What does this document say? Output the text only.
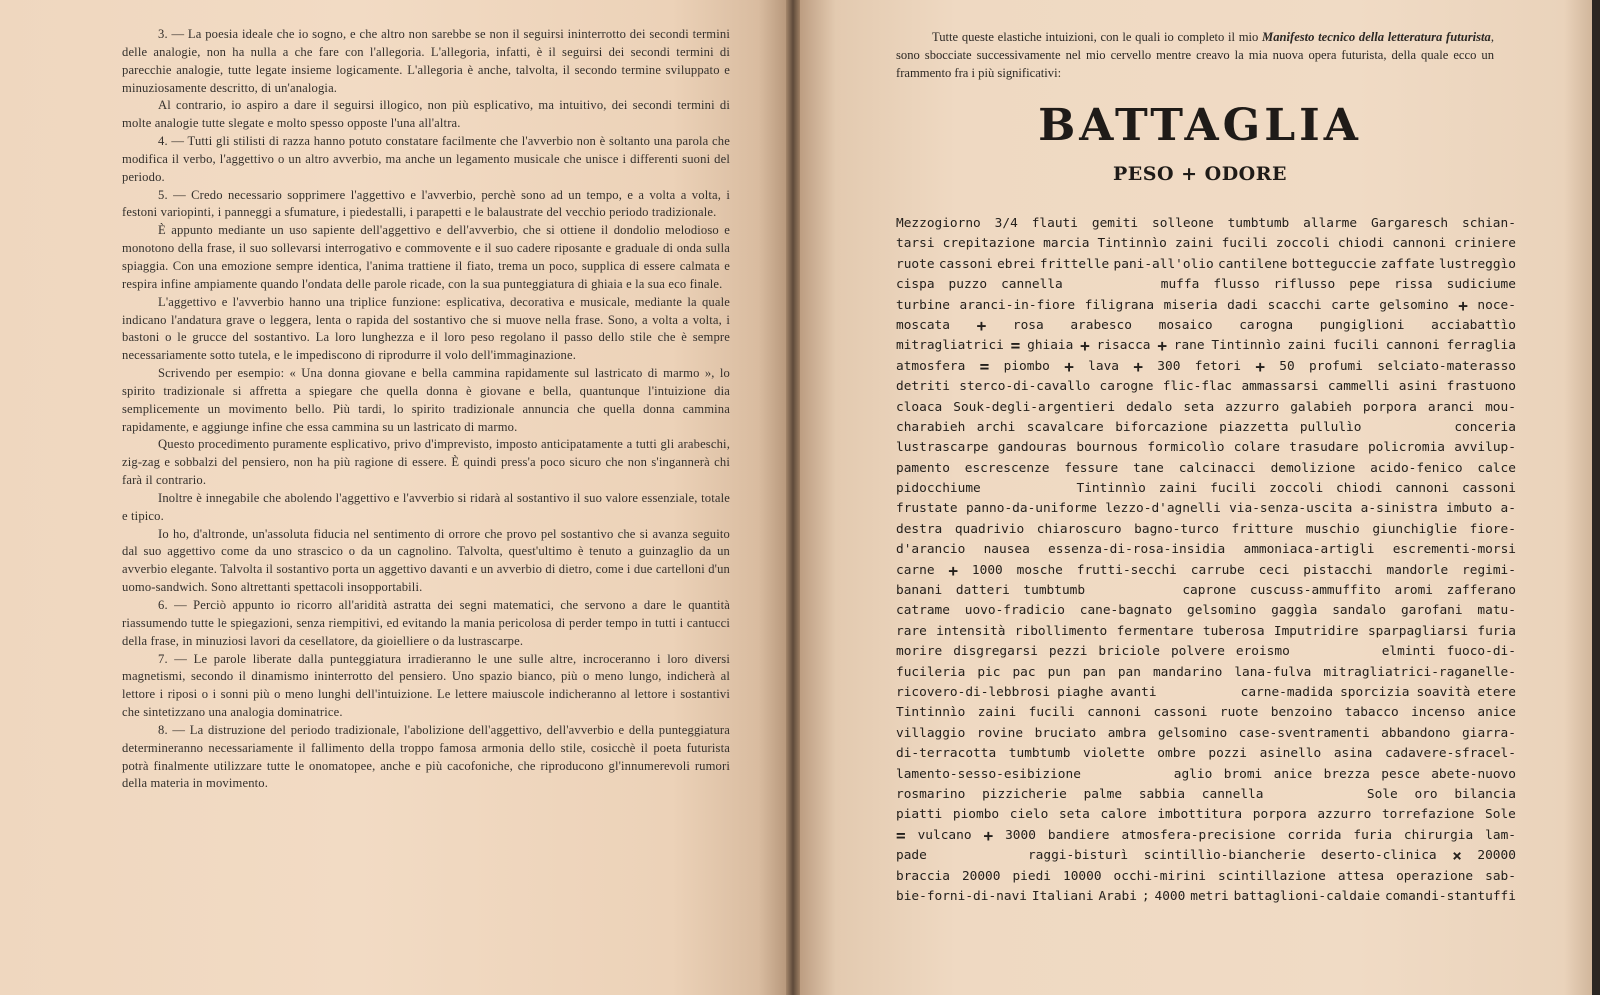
3. — La poesia ideale che io sogno, e che altro non sarebbe se non il seguirsi ininterrotto dei secondi termini delle analogie, non ha nulla a che fare con l'allegoria. L'allegoria, infatti, è il seguirsi dei secondi termini di parecchie analogie, tutte legate insieme logicamente. L'allegoria è anche, talvolta, il secondo termine sviluppato e minuziosamente descritto, di un'analogia.

Al contrario, io aspiro a dare il seguirsi illogico, non più esplicativo, ma intuitivo, dei secondi termini di molte analogie tutte slegate e molto spesso opposte l'una all'altra.

4. — Tutti gli stilisti di razza hanno potuto constatare facilmente che l'avverbio non è soltanto una parola che modifica il verbo, l'aggettivo o un altro avverbio, ma anche un legamento musicale che unisce i differenti suoni del periodo.

5. — Credo necessario sopprimere l'aggettivo e l'avverbio, perchè sono ad un tempo, e a volta a volta, i festoni variopinti, i panneggi a sfumature, i piedestalli, i parapetti e le balaustrate del vecchio periodo tradizionale.

È appunto mediante un uso sapiente dell'aggettivo e dell'avverbio, che si ottiene il dondolio melodioso e monotono della frase, il suo sollevarsi interrogativo e commovente e il suo cadere riposante e graduale di onda sulla spiaggia. Con una emozione sempre identica, l'anima trattiene il fiato, trema un poco, supplica di essere calmata e respira infine ampiamente quando l'ondata delle parole ricade, con la sua punteggiatura di ghiaia e la sua eco finale.

L'aggettivo e l'avverbio hanno una triplice funzione: esplicativa, decorativa e musicale, mediante la quale indicano l'andatura grave o leggera, lenta o rapida del sostantivo che si muove nella frase. Sono, a volta a volta, i bastoni o le grucce del sostantivo. La loro lunghezza e il loro peso regolano il passo dello stile che è sempre necessariamente sotto tutela, e le impediscono di riprodurre il volo dell'immaginazione.

Scrivendo per esempio: « Una donna giovane e bella cammina rapidamente sul lastricato di marmo », lo spirito tradizionale si affretta a spiegare che quella donna è giovane e bella, quantunque l'intuizione dia semplicemente un movimento bello. Più tardi, lo spirito tradizionale annuncia che quella donna cammina rapidamente, e aggiunge infine che essa cammina su un lastricato di marmo.

Questo procedimento puramente esplicativo, privo d'imprevisto, imposto anticipatamente a tutti gli arabeschi, zig-zag e sobbalzi del pensiero, non ha più ragione di essere. È quindi press'a poco sicuro che non s'ingannerà chi farà il contrario.

Inoltre è innegabile che abolendo l'aggettivo e l'avverbio si ridarà al sostantivo il suo valore essenziale, totale e tipico.

Io ho, d'altronde, un'assoluta fiducia nel sentimento di orrore che provo pel sostantivo che si avanza seguito dal suo aggettivo come da uno strascico o da un cagnolino. Talvolta, quest'ultimo è tenuto a guinzaglio da un avverbio elegante. Talvolta il sostantivo porta un aggettivo davanti e un avverbio di dietro, come i due cartelloni d'un uomo-sandwich. Sono altrettanti spettacoli insopportabili.

6. — Perciò appunto io ricorro all'aridità astratta dei segni matematici, che servono a dare le quantità riassumendo tutte le spiegazioni, senza riempitivi, ed evitando la mania pericolosa di perder tempo in tutti i cantucci della frase, in minuziosi lavori da cesellatore, da gioielliere o da lustrascarpe.

7. — Le parole liberate dalla punteggiatura irradieranno le une sulle altre, incroceranno i loro diversi magnetismi, secondo il dinamismo ininterrotto del pensiero. Uno spazio bianco, più o meno lungo, indicherà al lettore i riposi o i sonni più o meno lunghi dell'intuizione. Le lettere maiuscole indicheranno al lettore i sostantivi che sintetizzano una analogia dominatrice.

8. — La distruzione del periodo tradizionale, l'abolizione dell'aggettivo, dell'avverbio e della punteggiatura determineranno necessariamente il fallimento della troppo famosa armonia dello stile, cosicchè il poeta futurista potrà finalmente utilizzare tutte le onomatopee, anche e più cacofoniche, che riproducono gl'innumerevoli rumori della materia in movimento.

Tutte queste elastiche intuizioni, con le quali io completo il mio Manifesto tecnico della letteratura futurista, sono sbocciate successivamente nel mio cervello mentre creavo la mia nuova opera futurista, della quale ecco un frammento fra i più significativi:

BATTAGLIA
PESO + ODORE
Mezzogiorno 3/4 flauti gemiti solleone tumbtumb allarme Gargaresch schian-
tarsi crepitazione marcia Tintinnìo zaini fucili zoccoli chiodi cannoni criniere
ruote cassoni ebrei frittelle pani-all'olio cantilene botteguccie zaffate lustreggìo
cispa puzzo cannella	muffa flusso riflusso pepe rissa sudiciume
turbine aranci-in-fiore filigrana miseria dadi scacchi carte gelsomino + noce-
moscata + rosa arabesco mosaico carogna pungiglioni acciabattìo
mitragliatrici = ghiaia + risacca + rane Tintinnìo zaini fucili cannoni ferraglia
atmosfera = piombo + lava + 300 fetori + 50 profumi selciato-materasso
detriti sterco-di-cavallo carogne flic-flac ammassarsi cammelli asini frastuono
cloaca Souk-degli-argentieri dedalo seta azzurro galabieh porpora aranci mou-
charabieh archi scavalcare biforcazione piazzetta pullulìo	conceria
lustrascarpe gandouras bournous formicolìo colare trasudare policromia avvilup-
pamento escrescenze fessure tane calcinacci demolizione acido-fenico calce
pidocchiume	Tintinnìo zaini fucili zoccoli chiodi cannoni cassoni
frustate panno-da-uniforme lezzo-d'agnelli via-senza-uscita a-sinistra imbuto a-
destra quadrivio chiaroscuro bagno-turco fritture muschio giunchiglie fiore-
d'arancio nausea essenza-di-rosa-insidia ammoniaca-artigli escrementi-morsi
carne + 1000 mosche frutti-secchi carrube ceci pistacchi mandorle regimi-
banani datteri tumbtumb	caprone cuscuss-ammuffito aromi zafferano
catrame uovo-fradicio cane-bagnato gelsomino gaggìa sandalo garofani matu-
rare intensità ribollimento fermentare tuberosa Imputridire sparpagliarsi furia
morire disgregarsi pezzi briciole polvere eroismo	elminti fuoco-di-
fucileria pic pac pun pan pan mandarino lana-fulva mitragliatrici-raganelle-
ricovero-di-lebbrosi piaghe avanti	carne-madida sporcizia soavità etere
Tintinnìo zaini fucili cannoni cassoni ruote benzoino tabacco incenso anice
villaggio rovine bruciato ambra gelsomino case-sventramenti abbandono giarra-
di-terracotta tumbtumb violette ombre pozzi asinello asina cadavere-sfracel-
lamento-sesso-esibizione	aglio bromi anice brezza pesce abete-nuovo
rosmarino pizzicherie palme sabbia cannella	Sole oro bilancia
piatti piombo cielo seta calore imbottitura porpora azzurro torrefazione Sole
= vulcano + 3000 bandiere atmosfera-precisione corrida furia chirurgia lam-
pade	raggi-bisturì scintillìo-biancherie deserto-clinica × 20000
braccia 20000 piedi 10000 occhi-mirini scintillazione attesa operazione sab-
bie-forni-di-navi Italiani Arabi ; 4000 metri battaglioni-caldaie comandi-stantuffi
